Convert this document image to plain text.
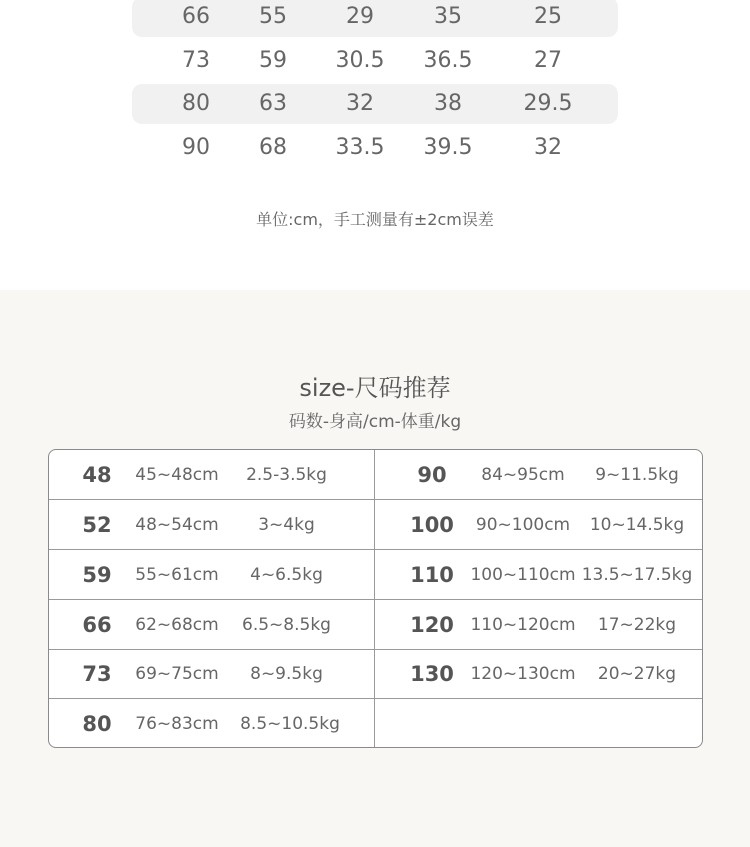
66	55	29	35	25
73	59	30.5	36.5	27
80	63	32	38	29.5
90	68	33.5	39.5	32
单位:cm，手工测量有±2cm误差
size-尺码推荐
码数-身高/cm-体重/kg
48	45~48cm	2.5-3.5kg	90	84~95cm	9~11.5kg
52	48~54cm	3~4kg	100	90~100cm	10~14.5kg
59	55~61cm	4~6.5kg	110 100~110cm 13.5~17.5kg
66	62~68cm	6.5~8.5kg	120 110~120cm	17~22kg
73	69~75cm	8~9.5kg	130 120~130cm	20~27kg
80	76~83cm	8.5~10.5kg
